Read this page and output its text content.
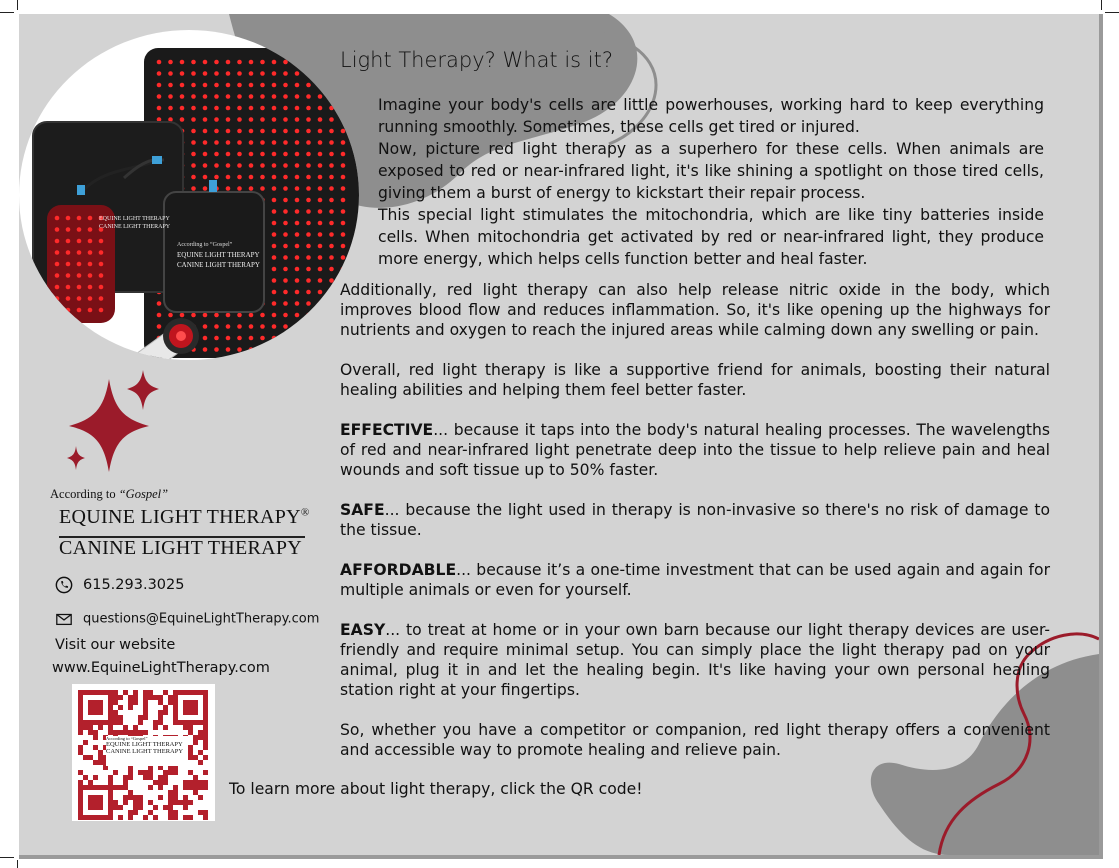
According to “Gospel”
EQUINE LIGHT THERAPY
CANINE LIGHT THERAPY
EQUINE LIGHT THERAPY
CANINE LIGHT THERAPY
Light Therapy? What is it?

Imagine your body's cells are little powerhouses, working hard to keep everything running smoothly. Sometimes, these cells get tired or injured.

Now, picture red light therapy as a superhero for these cells. When animals are exposed to red or near-infrared light, it's like shining a spotlight on those tired cells, giving them a burst of energy to kickstart their repair process.

This special light stimulates the mitochondria, which are like tiny batteries inside cells. When mitochondria get activated by red or near-infrared light, they produce more energy, which helps cells function better and heal faster.

Additionally, red light therapy can also help release nitric oxide in the body, which improves blood flow and reduces inflammation. So, it's like opening up the highways for nutrients and oxygen to reach the injured areas while calming down any swelling or pain.

Overall, red light therapy is like a supportive friend for animals, boosting their natural healing abilities and helping them feel better faster.

EFFECTIVE... because it taps into the body's natural healing processes. The wavelengths of red and near-infrared light penetrate deep into the tissue to help relieve pain and heal wounds and soft tissue up to 50% faster.

SAFE... because the light used in therapy is non-invasive so there's no risk of damage to the tissue.

AFFORDABLE... because it’s a one-time investment that can be used again and again for multiple animals or even for yourself.

EASY... to treat at home or in your own barn because our light therapy devices are user-friendly and require minimal setup. You can simply place the light therapy pad on your animal, plug it in and let the healing begin. It's like having your own personal healing station right at your fingertips.

So, whether you have a competitor or companion, red light therapy offers a convenient and accessible way to promote healing and relieve pain.

According to “Gospel”
EQUINE LIGHT THERAPY®
CANINE LIGHT THERAPY
615.293.3025
questions@EquineLightTherapy.com
Visit our website
www.EquineLightTherapy.com
According to “Gospel”
EQUINE LIGHT THERAPY
CANINE LIGHT THERAPY
To learn more about light therapy, click the QR code!
